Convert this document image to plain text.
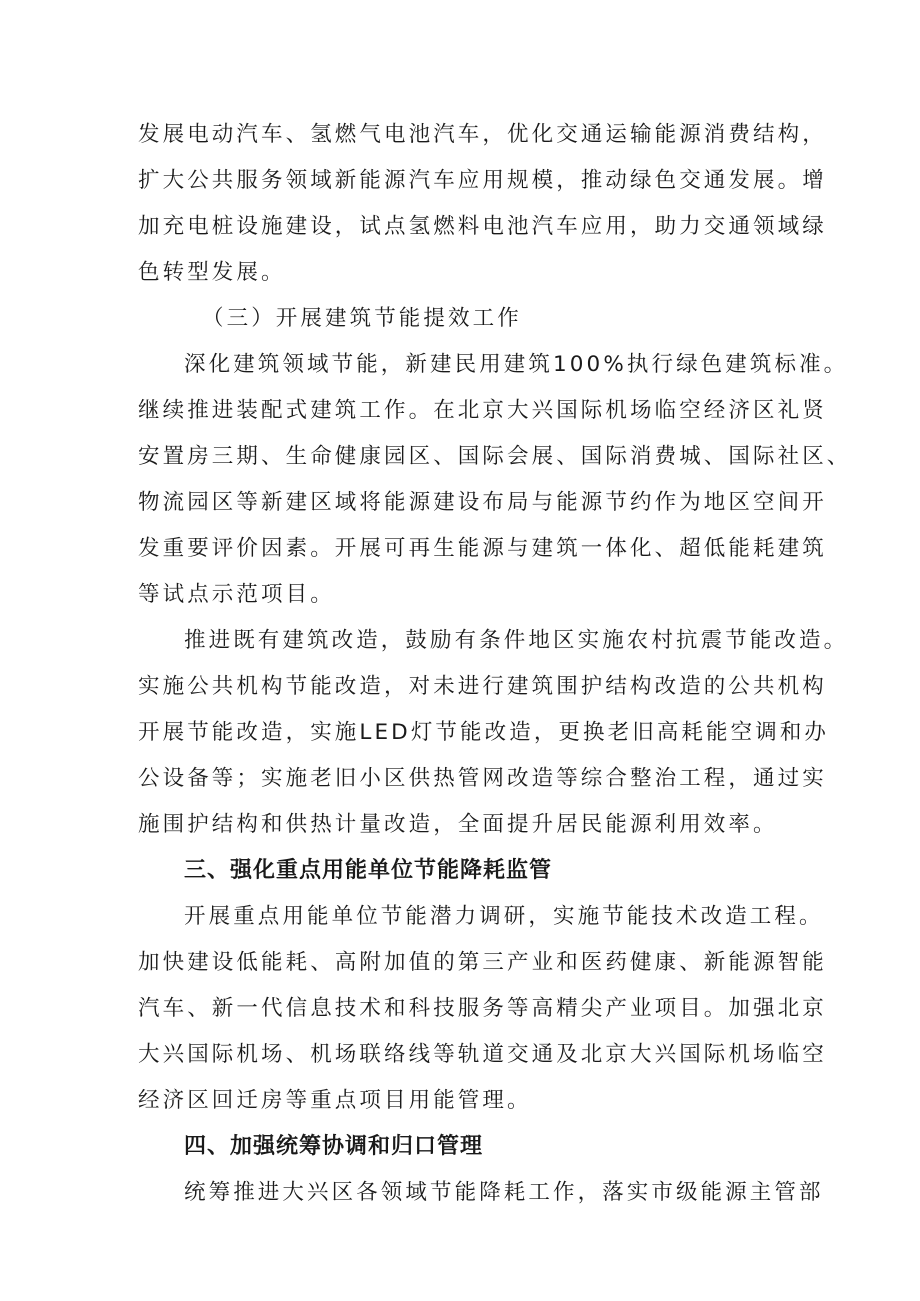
发展电动汽车、氢燃气电池汽车，优化交通运输能源消费结构，
扩大公共服务领域新能源汽车应用规模，推动绿色交通发展。增
加充电桩设施建设，试点氢燃料电池汽车应用，助力交通领域绿
色转型发展。
（三）开展建筑节能提效工作
深化建筑领域节能，新建民用建筑100%执行绿色建筑标准。
继续推进装配式建筑工作。在北京大兴国际机场临空经济区礼贤
安置房三期、生命健康园区、国际会展、国际消费城、国际社区、
物流园区等新建区域将能源建设布局与能源节约作为地区空间开
发重要评价因素。开展可再生能源与建筑一体化、超低能耗建筑
等试点示范项目。
推进既有建筑改造，鼓励有条件地区实施农村抗震节能改造。
实施公共机构节能改造，对未进行建筑围护结构改造的公共机构
开展节能改造，实施LED灯节能改造，更换老旧高耗能空调和办
公设备等；实施老旧小区供热管网改造等综合整治工程，通过实
施围护结构和供热计量改造，全面提升居民能源利用效率。
三、强化重点用能单位节能降耗监管
开展重点用能单位节能潜力调研，实施节能技术改造工程。
加快建设低能耗、高附加值的第三产业和医药健康、新能源智能
汽车、新一代信息技术和科技服务等高精尖产业项目。加强北京
大兴国际机场、机场联络线等轨道交通及北京大兴国际机场临空
经济区回迁房等重点项目用能管理。
四、加强统筹协调和归口管理
统筹推进大兴区各领域节能降耗工作，落实市级能源主管部
